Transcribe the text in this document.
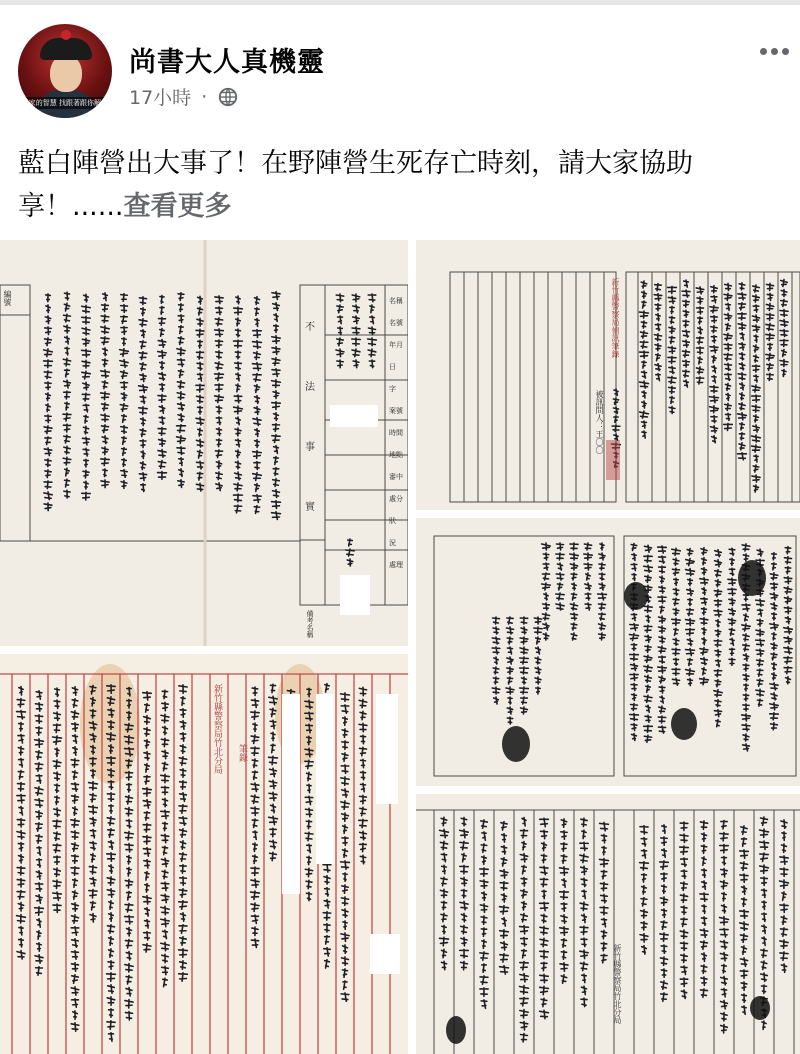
...家的智慧 找跟著跟你解析
尚書大人真機靈
17小時 ·
藍白陣營出大事了！在野陣營生死存亡時刻，請大家協助
享！......查看更多
不
法
事
實
編號
備考名稱
名稱
名號
年月日
字
案號
時間
地點
審中
處分
狀
況
處理
新竹縣警察局偵訊筆錄
被訊問人：王〇〇
新竹縣警察局竹北分局 筆錄
新竹縣警察局竹北分局
